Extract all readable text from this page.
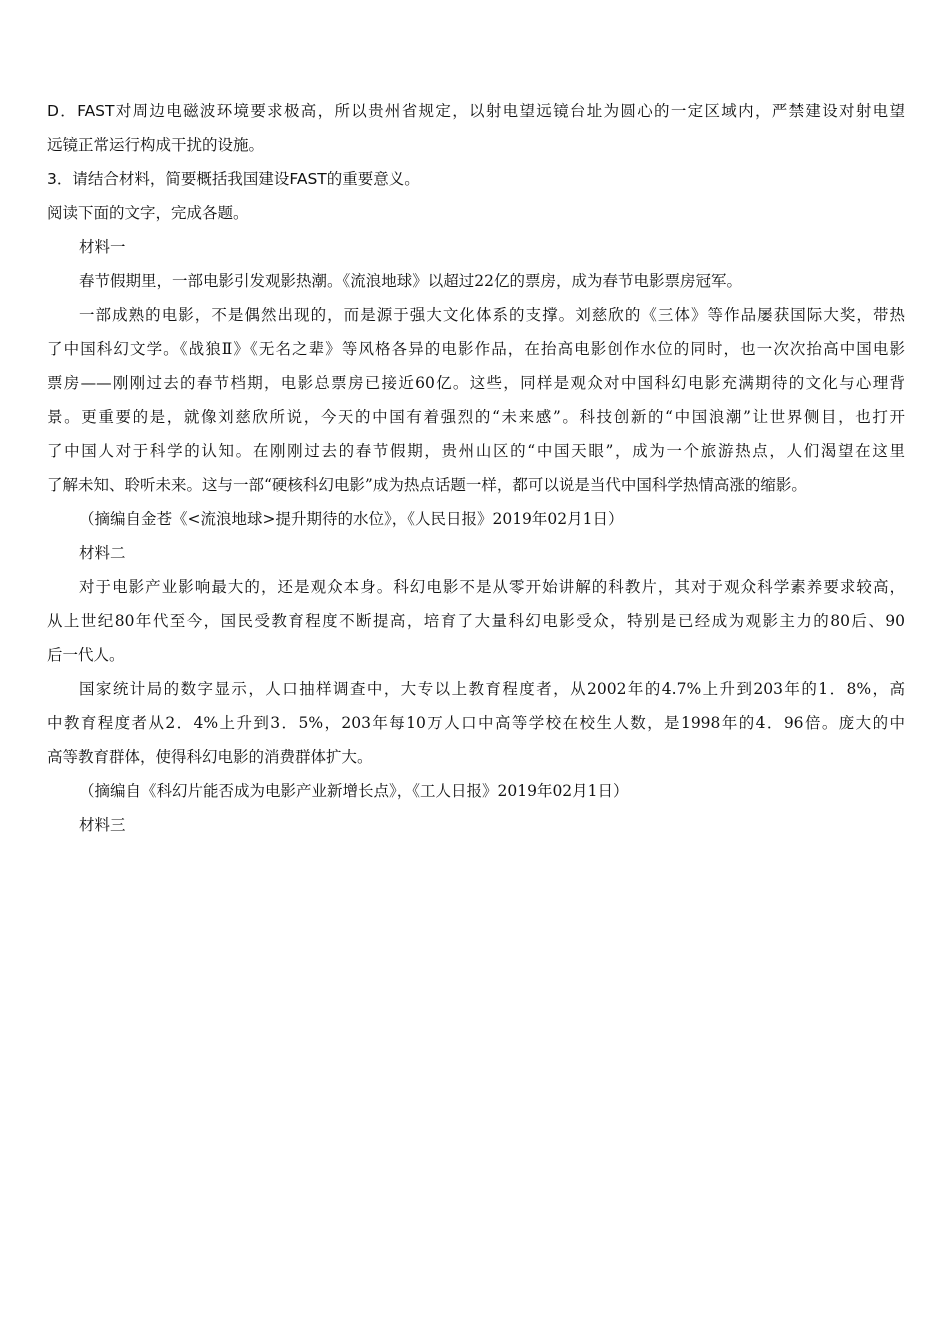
D．FAST对周边电磁波环境要求极高，所以贵州省规定，以射电望远镜台址为圆心的一定区域内，严禁建设对射电望
远镜正常运行构成干扰的设施。
3．请结合材料，简要概括我国建设FAST的重要意义。
阅读下面的文字，完成各题。
材料一
春节假期里，一部电影引发观影热潮。《流浪地球》以超过22亿的票房，成为春节电影票房冠军。
一部成熟的电影，不是偶然出现的，而是源于强大文化体系的支撑。刘慈欣的《三体》等作品屡获国际大奖，带热
了中国科幻文学。《战狼Ⅱ》《无名之辈》等风格各异的电影作品，在抬高电影创作水位的同时，也一次次抬高中国电影
票房——刚刚过去的春节档期，电影总票房已接近60亿。这些，同样是观众对中国科幻电影充满期待的文化与心理背
景。更重要的是，就像刘慈欣所说，今天的中国有着强烈的“未来感”。科技创新的“中国浪潮”让世界侧目，也打开
了中国人对于科学的认知。在刚刚过去的春节假期，贵州山区的“中国天眼”，成为一个旅游热点，人们渴望在这里
了解未知、聆听未来。这与一部“硬核科幻电影”成为热点话题一样，都可以说是当代中国科学热情高涨的缩影。
（摘编自金苍《<流浪地球>提升期待的水位》，《人民日报》2019年02月1日）
材料二
对于电影产业影响最大的，还是观众本身。科幻电影不是从零开始讲解的科教片，其对于观众科学素养要求较高，
从上世纪80年代至今，国民受教育程度不断提高，培育了大量科幻电影受众，特别是已经成为观影主力的80后、90
后一代人。
国家统计局的数字显示，人口抽样调查中，大专以上教育程度者，从2002年的4.7%上升到203年的1．8%，高
中教育程度者从2．4%上升到3．5%，203年每10万人口中高等学校在校生人数，是1998年的4．96倍。庞大的中
高等教育群体，使得科幻电影的消费群体扩大。
（摘编自《科幻片能否成为电影产业新增长点》，《工人日报》2019年02月1日）
材料三
